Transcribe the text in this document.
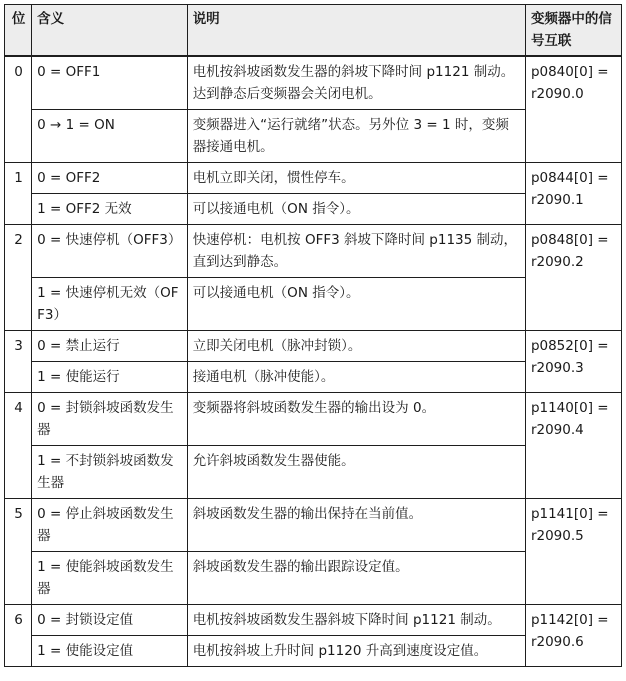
位	含义	说明	变频器中的信号互联
0	0 = OFF1	电机按斜坡函数发生器的斜坡下降时间 p1121 制动。达到静态后变频器会关闭电机。	p0840[0] = r2090.0
	0 → 1 = ON	变频器进入“运行就绪”状态。另外位 3 = 1 时，变频器接通电机。	
1	0 = OFF2	电机立即关闭，惯性停车。	p0844[0] = r2090.1
	1 = OFF2 无效	可以接通电机（ON 指令）。	
2	0 = 快速停机（OFF3）	快速停机：电机按 OFF3 斜坡下降时间 p1135 制动，直到达到静态。	p0848[0] = r2090.2
	1 = 快速停机无效（OFF3）	可以接通电机（ON 指令）。	
3	0 = 禁止运行	立即关闭电机（脉冲封锁）。	p0852[0] = r2090.3
	1 = 使能运行	接通电机（脉冲使能）。	
4	0 = 封锁斜坡函数发生器	变频器将斜坡函数发生器的输出设为 0。	p1140[0] = r2090.4
	1 = 不封锁斜坡函数发生器	允许斜坡函数发生器使能。	
5	0 = 停止斜坡函数发生器	斜坡函数发生器的输出保持在当前值。	p1141[0] = r2090.5
	1 = 使能斜坡函数发生器	斜坡函数发生器的输出跟踪设定值。	
6	0 = 封锁设定值	电机按斜坡函数发生器斜坡下降时间 p1121 制动。	p1142[0] = r2090.6
	1 = 使能设定值	电机按斜坡上升时间 p1120 升高到速度设定值。	
